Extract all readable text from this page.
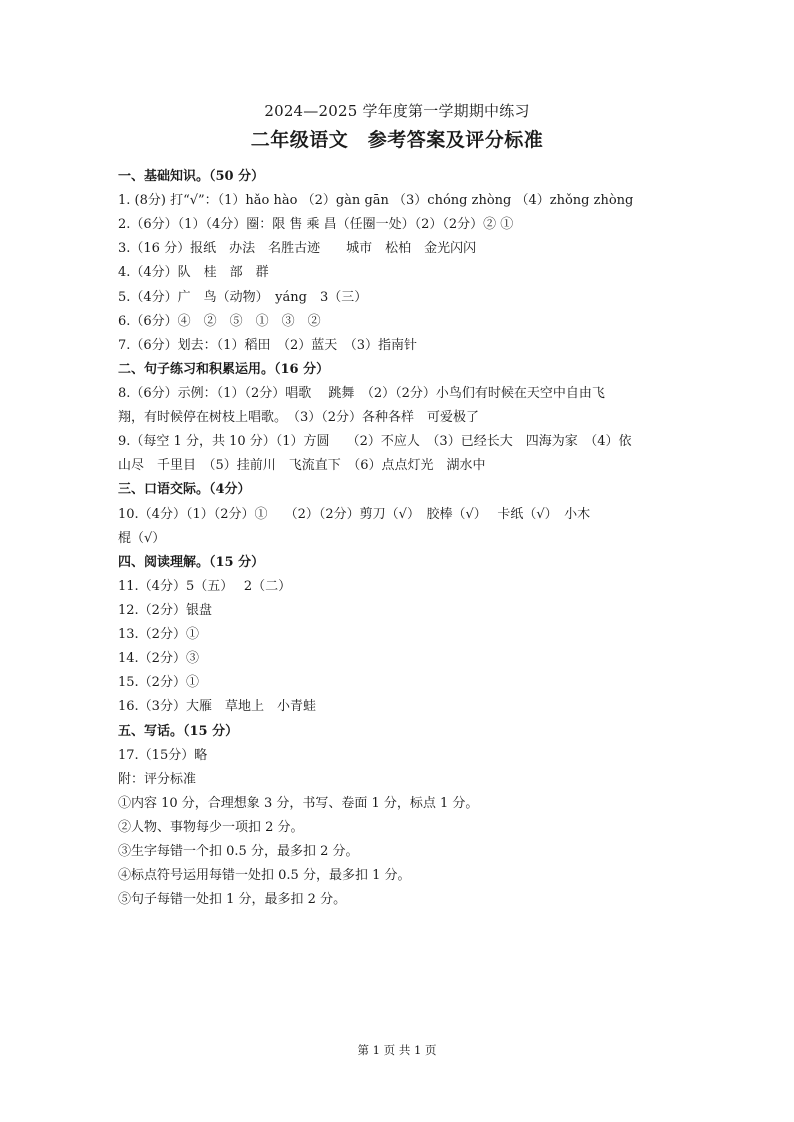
2024—2025 学年度第一学期期中练习
二年级语文　参考答案及评分标准
一、基础知识。（50 分）
1. (8分) 打“√”：（1）hǎo hào （2）gàn gān （3）chóng zhòng （4）zhǒng zhòng
2.（6分）（1）（4分）圈：限 售 乘 昌（任圈一处）（2）（2分）② ①
3.（16 分）报纸　办法　名胜古迹　　城市　松柏　金光闪闪
4.（4分）队　桂　部　群
5.（4分）广　鸟（动物）　yáng　3（三）
6.（6分）④　②　⑤　①　③　②
7.（6分）划去：（1）稻田　（2）蓝天　（3）指南针
二、句子练习和积累运用。（16 分）
8.（6分）示例：（1）（2分）唱歌　 跳舞　（2）（2分）小鸟们有时候在天空中自由飞
翔，有时候停在树枝上唱歌。　（3）（2分）各种各样　可爱极了
9.（每空 1 分，共 10 分）（1）方圆　 （2）不应人　（3）已经长大　四海为家　（4）依
山尽　千里目　（5）挂前川　飞流直下　（6）点点灯光　湖水中
三、口语交际。（4分）
10.（4分）（1）（2分）①　 （2）（2分）剪刀（√）　胶棒（√）　 卡纸（√）　小木
棍（√）
四、阅读理解。（15 分）
11.（4分）5（五）　 2（二）
12.（2分）银盘
13.（2分）①
14.（2分）③
15.（2分）①
16.（3分）大雁　草地上　小青蛙
五、写话。（15 分）
17.（15分）略
附：评分标准
①内容 10 分，合理想象 3 分，书写、卷面 1 分，标点 1 分。
②人物、事物每少一项扣 2 分。
③生字每错一个扣 0.5 分，最多扣 2 分。
④标点符号运用每错一处扣 0.5 分，最多扣 1 分。
⑤句子每错一处扣 1 分，最多扣 2 分。
第 1 页 共 1 页
